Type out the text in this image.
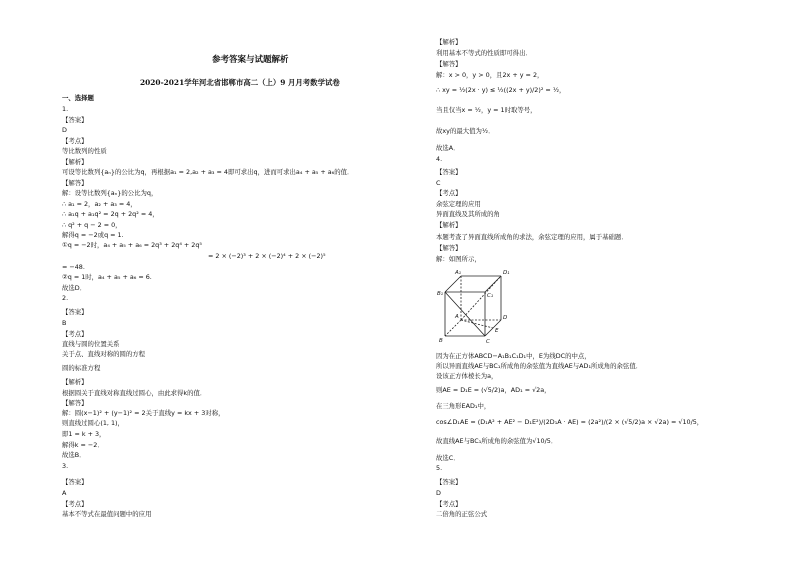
参考答案与试题解析
2020-2021学年河北省邯郸市高二（上）9 月月考数学试卷
一、选择题
1.
【答案】
D
【考点】
等比数列的性质
【解析】
可设等比数列{aₙ}的公比为q，再根据a₁ = 2,a₂ + a₃ = 4即可求出q，进而可求出a₄ + a₅ + a₆的值．
【解答】
解：设等比数列{aₙ}的公比为q，
∴ a₁ = 2，a₂ + a₃ = 4，
∴ a₁q + a₁q² = 2q + 2q² = 4，
∴ q² + q − 2 = 0，
解得q = −2或q = 1.
①q = −2时，a₄ + a₅ + a₆ = 2q³ + 2q⁴ + 2q⁵
= 2 × (−2)³ + 2 × (−2)⁴ + 2 × (−2)⁵
= −48.
②q = 1时，a₄ + a₅ + a₆ = 6.
故选D．
2.
【答案】
B
【考点】
直线与圆的位置关系
关于点、直线对称的圆的方程
圆的标准方程
【解析】
根据圆关于直线对称直线过圆心，由此求得k的值．
【解答】
解：圆(x−1)² + (y−1)² = 2关于直线y = kx + 3对称，
则直线过圆心(1, 1)，
即1 = k + 3，
解得k = −2．
故选B．
3.
【答案】
A
【考点】
基本不等式在最值问题中的应用
【解析】
利用基本不等式的性质即可得出．
【解答】
解：x > 0，y > 0，且2x + y = 2，
∴ xy = ½(2x · y) ≤ ½((2x + y)/2)² = ½，
当且仅当x = ½，y = 1时取等号，
故xy的最大值为½．
故选A．
4.
【答案】
C
【考点】
余弦定理的应用
异面直线及其所成的角
【解析】
本题考查了异面直线所成角的求法，余弦定理的应用，属于基础题．
【解答】
解：如图所示，
A₁	D₁
B₁	C₁
A	D
E
B	C
因为在正方体ABCD−A₁B₁C₁D₁中，E为线DC的中点，
所以异面直线AE与BC₁所成角的余弦值为直线AE与AD₁所成角的余弦值．
设该正方体棱长为a，
则AE = D₁E = (√5/2)a，AD₁ = √2a，
在三角形EAD₁中，
cos∠D₁AE = (D₁A² + AE² − D₁E²)/(2D₁A · AE) = (2a²)/(2 × (√5/2)a × √2a) = √10/5，
故直线AE与BC₁所成角的余弦值为√10/5．
故选C．
5.
【答案】
D
【考点】
二倍角的正弦公式
